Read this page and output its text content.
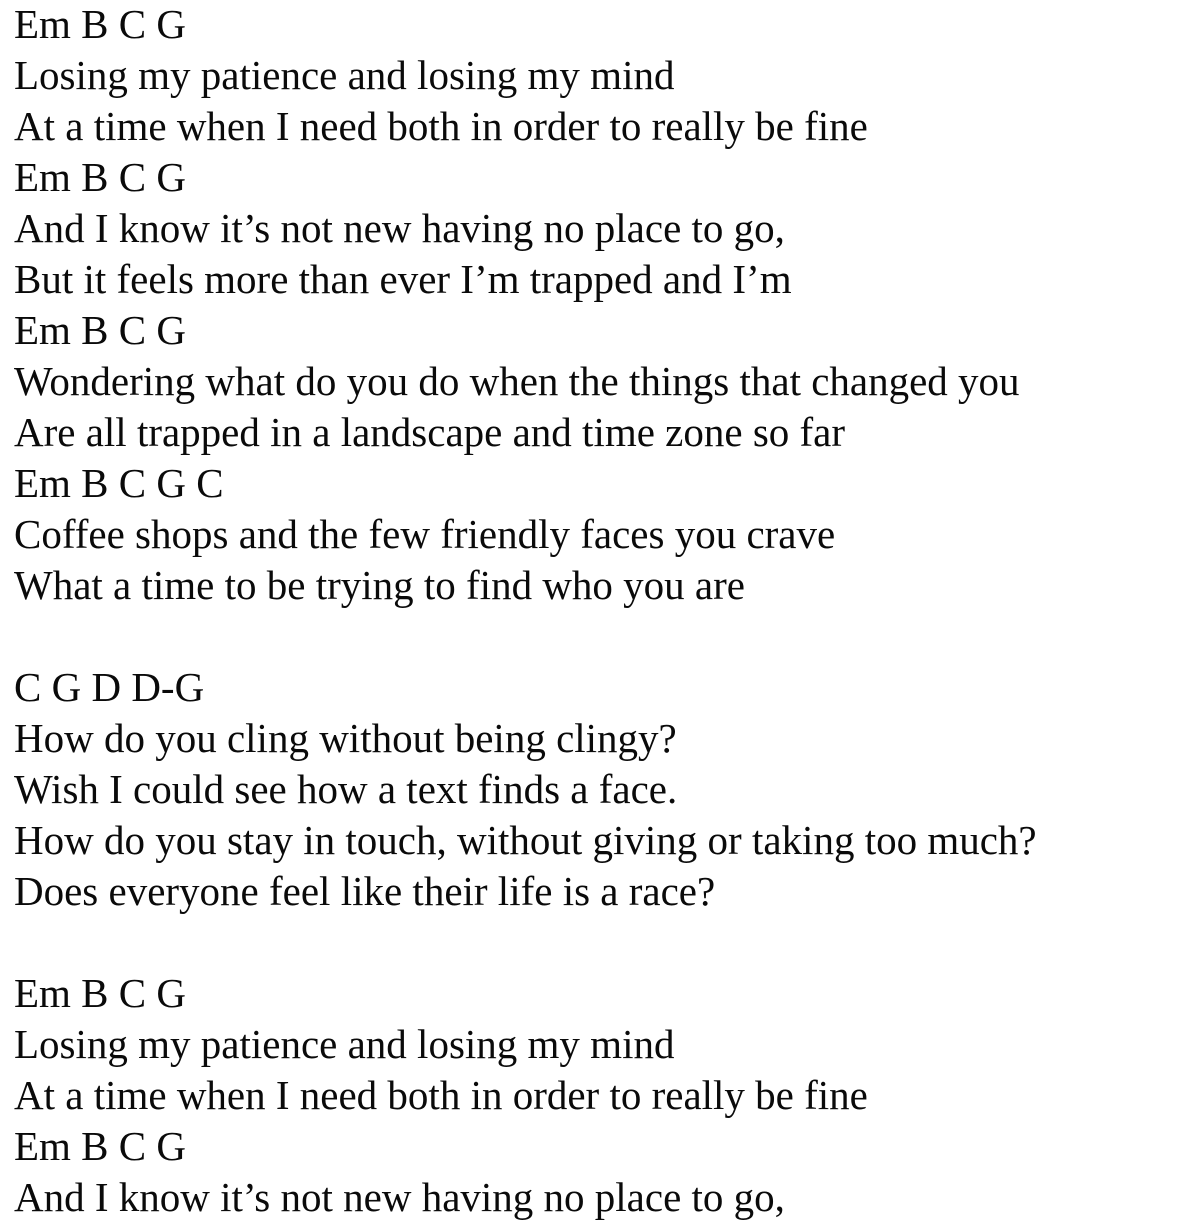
Em B C G
Losing my patience and losing my mind
At a time when I need both in order to really be fine
Em B C G
And I know it’s not new having no place to go,
But it feels more than ever I’m trapped and I’m
Em B C G
Wondering what do you do when the things that changed you
Are all trapped in a landscape and time zone so far
Em B C G C
Coffee shops and the few friendly faces you crave
What a time to be trying to find who you are
C G D D-G
How do you cling without being clingy?
Wish I could see how a text finds a face.
How do you stay in touch, without giving or taking too much?
Does everyone feel like their life is a race?
Em B C G
Losing my patience and losing my mind
At a time when I need both in order to really be fine
Em B C G
And I know it’s not new having no place to go,
